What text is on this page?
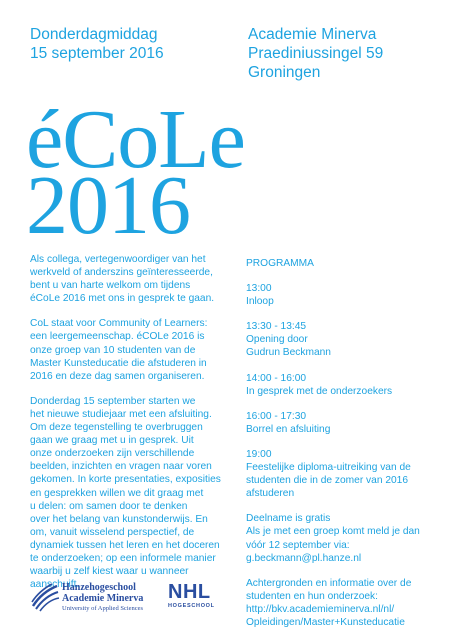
Donderdagmiddag
15 september 2016
Academie Minerva
Praediniussingel 59
Groningen
éCoLe
2016

Als collega, vertegenwoordiger van het
werkveld of anderszins geïnteresseerde,
bent u van harte welkom om tijdens
éCoLe 2016 met ons in gesprek te gaan.

CoL staat voor Community of Learners:
een leergemeenschap. éCOLe 2016 is
onze groep van 10 studenten van de
Master Kunsteducatie die afstuderen in
2016 en deze dag samen organiseren.

Donderdag 15 september starten we
het nieuwe studiejaar met een afsluiting.
Om deze tegenstelling te overbruggen
gaan we graag met u in gesprek. Uit
onze onderzoeken zijn verschillende
beelden, inzichten en vragen naar voren
gekomen. In korte presentaties, exposities
en gesprekken willen we dit graag met
u delen: om samen door te denken
over het belang van kunstonderwijs. En
om, vanuit wisselend perspectief, de
dynamiek tussen het leren en het doceren
te onderzoeken; op een informele manier
waarbij u zelf kiest waar u wanneer
aanschuift.

PROGRAMMA
13:00
Inloop
13:30 - 13:45
Opening door
Gudrun Beckmann
14:00 - 16:00
In gesprek met de onderzoekers
16:00 - 17:30
Borrel en afsluiting
19:00
Feestelijke diploma-uitreiking van de
studenten die in de zomer van 2016
afstuderen
Deelname is gratis
Als je met een groep komt meld je dan
vóór 12 september via:
g.beckmann@pl.hanze.nl
Achtergronden en informatie over de
studenten en hun onderzoek:
http://bkv.academieminerva.nl/nl/
Opleidingen/Master+Kunsteducatie
Hanzehogeschool
Academie Minerva
University of Applied Sciences
NHL
HOGESCHOOL
